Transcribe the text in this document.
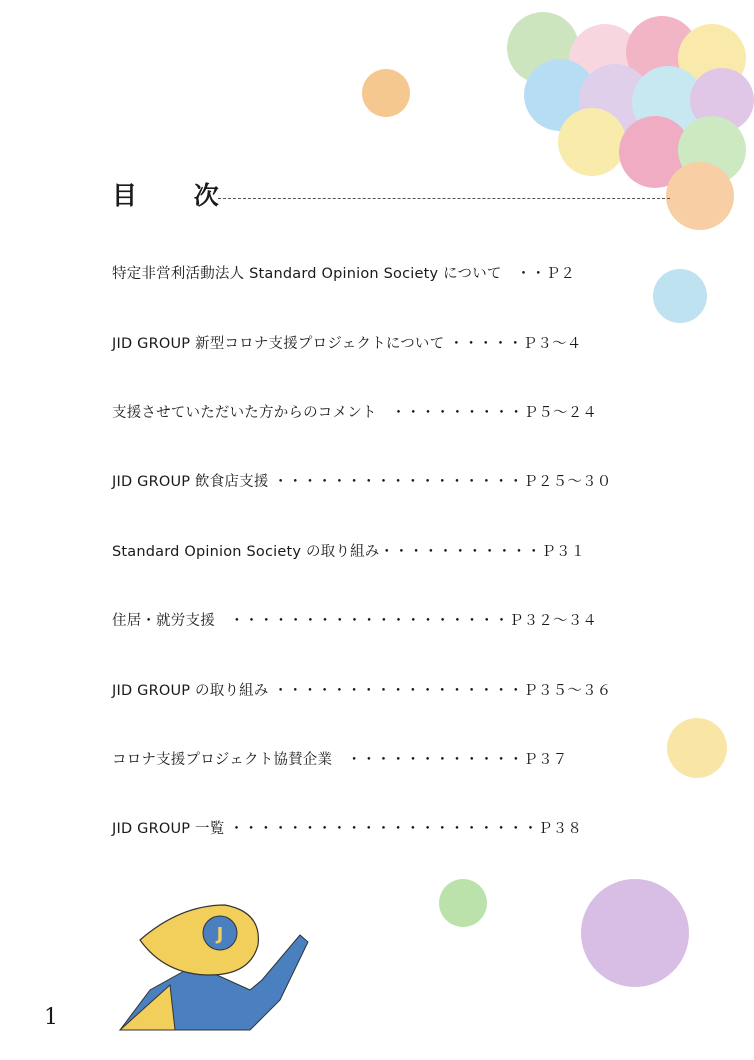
J
目 次
特定非営利活動法人 Standard Opinion Society について　・・Ｐ２
JID GROUP 新型コロナ支援プロジェクトについて ・・・・・Ｐ３～４
支援させていただいた方からのコメント　・・・・・・・・・Ｐ５～２４
JID GROUP 飲食店支援 ・・・・・・・・・・・・・・・・・Ｐ２５～３０
Standard Opinion Society の取り組み・・・・・・・・・・・Ｐ３１
住居・就労支援　・・・・・・・・・・・・・・・・・・・Ｐ３２～３４
JID GROUP の取り組み ・・・・・・・・・・・・・・・・・Ｐ３５～３６
コロナ支援プロジェクト協賛企業　・・・・・・・・・・・・Ｐ３７
JID GROUP 一覧 ・・・・・・・・・・・・・・・・・・・・・Ｐ３８
1
